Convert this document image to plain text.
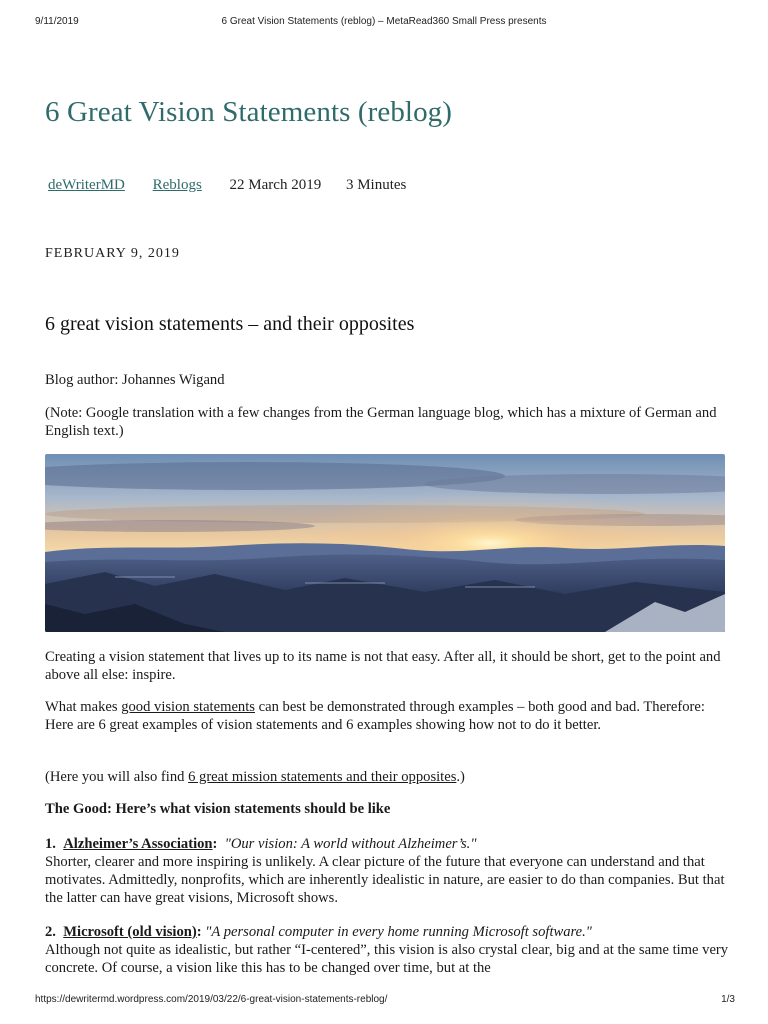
9/11/2019	6 Great Vision Statements (reblog) – MetaRead360 Small Press presents
6 Great Vision Statements (reblog)
deWriterMD Reblogs 22 March 2019 3 Minutes
FEBRUARY 9, 2019
6 great vision statements – and their opposites

Blog author: Johannes Wigand

(Note: Google translation with a few changes from the German language blog, which has a mixture of German and English text.)

Creating a vision statement that lives up to its name is not that easy. After all, it should be short, get to the point and above all else: inspire.

What makes good vision statements can best be demonstrated through examples – both good and bad. Therefore: Here are 6 great examples of vision statements and 6 examples showing how not to do it better.

(Here you will also find 6 great mission statements and their opposites.)

The Good: Here’s what vision statements should be like

1. Alzheimer’s Association: "Our vision: A world without Alzheimer’s."
Shorter, clearer and more inspiring is unlikely. A clear picture of the future that everyone can understand and that motivates. Admittedly, nonprofits, which are inherently idealistic in nature, are easier to do than companies. But that the latter can have great visions, Microsoft shows.
2. Microsoft (old vision): "A personal computer in every home running Microsoft software."
Although not quite as idealistic, but rather “I-centered”, this vision is also crystal clear, big and at the same time very concrete. Of course, a vision like this has to be changed over time, but at the
https://dewritermd.wordpress.com/2019/03/22/6-great-vision-statements-reblog/	1/3
